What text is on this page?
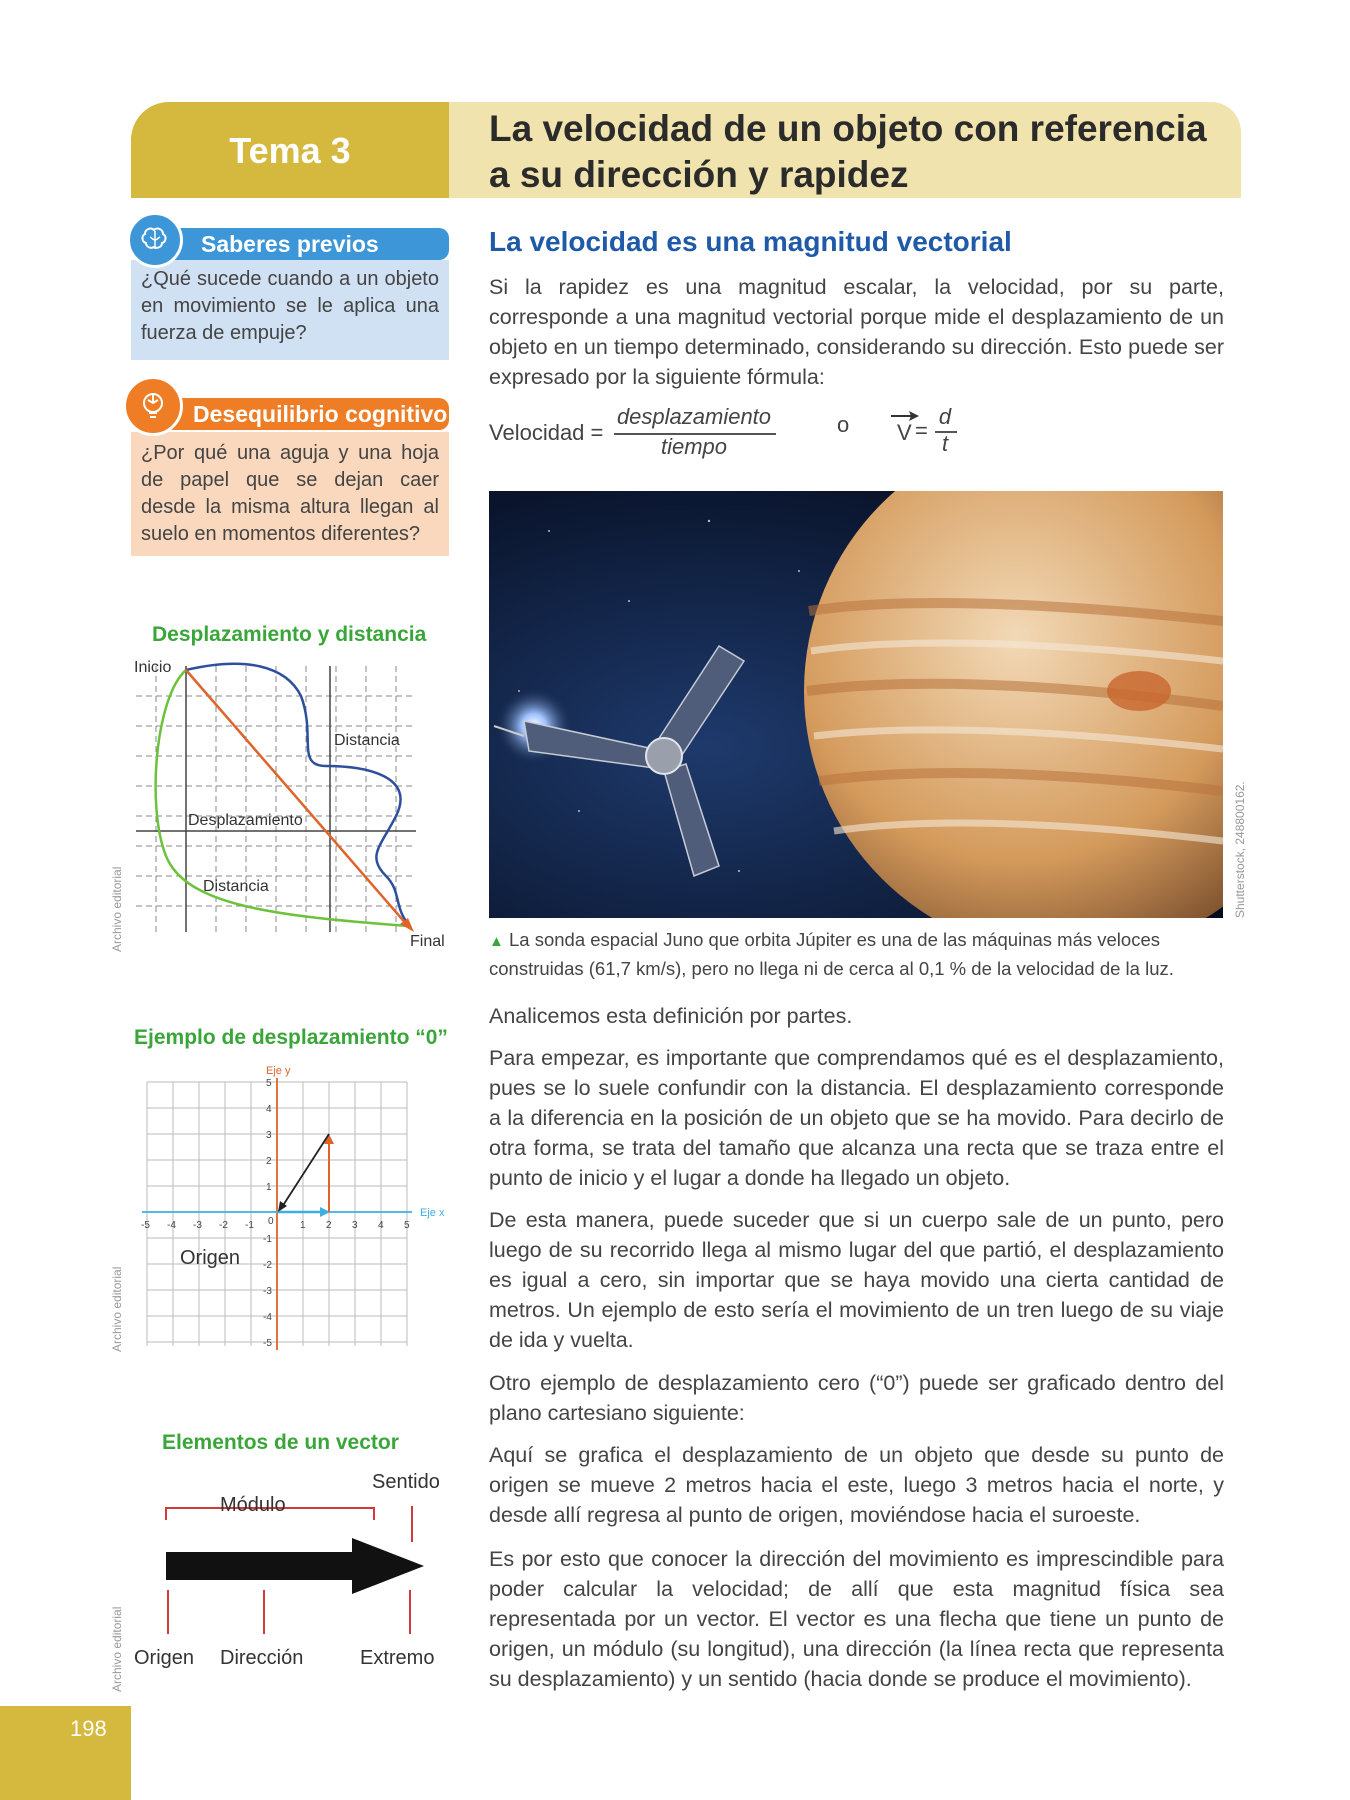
Tema 3
La velocidad de un objeto con referencia
a su dirección y rapidez
Saberes previos
¿Qué sucede cuando a un objeto en movimiento se le aplica una fuerza de empuje?
Desequilibrio cognitivo
¿Por qué una aguja y una hoja de papel que se dejan caer desde la misma altura llegan al suelo en momentos diferentes?
La velocidad es una magnitud vectorial
Si la rapidez es una magnitud escalar, la velocidad, por su parte, corresponde a una magnitud vectorial porque mide el desplazamiento de un objeto en un tiempo determinado, considerando su dirección. Esto puede ser expresado por la siguiente fórmula:
Velocidad =
desplazamiento
tiempo
o V =
d
t
Shutterstock, 248800162.
▲ La sonda espacial Juno que orbita Júpiter es una de las máquinas más veloces construidas (61,7 km/s), pero no llega ni de cerca al 0,1 % de la velocidad de la luz.
Analicemos esta definición por partes.
Para empezar, es importante que comprendamos qué es el desplazamiento, pues se lo suele confundir con la distancia. El desplazamiento corresponde a la diferencia en la posición de un objeto que se ha movido. Para decirlo de otra forma, se trata del tamaño que alcanza una recta que se traza entre el punto de inicio y el lugar a donde ha llegado un objeto.
De esta manera, puede suceder que si un cuerpo sale de un punto, pero luego de su recorrido llega al mismo lugar del que partió, el desplazamiento es igual a cero, sin importar que se haya movido una cierta cantidad de metros. Un ejemplo de esto sería el movimiento de un tren luego de su viaje de ida y vuelta.
Otro ejemplo de desplazamiento cero (“0”) puede ser graficado dentro del plano cartesiano siguiente:
Aquí se grafica el desplazamiento de un objeto que desde su punto de origen se mueve 2 metros hacia el este, luego 3 metros hacia el norte, y desde allí regresa al punto de origen, moviéndose hacia el suroeste.
Es por esto que conocer la dirección del movimiento es imprescindible para poder calcular la velocidad; de allí que esta magnitud física sea representada por un vector. El vector es una flecha que tiene un punto de origen, un módulo (su longitud), una dirección (la línea recta que representa su desplazamiento) y un sentido (hacia donde se produce el movimiento).
Desplazamiento y distancia
Inicio
Final
Distancia
Desplazamiento
Distancia
Archivo editorial
Ejemplo de desplazamiento “0”
Eje y
Eje x
Origen
-5 -4 -3 -2 -1 0	1 2 3 4 5
5
4
3
2
1
-1
-2
-3
-4
-5
Archivo editorial
Elementos de un vector
Sentido
Módulo
Origen Dirección	Extremo
Archivo editorial
198
